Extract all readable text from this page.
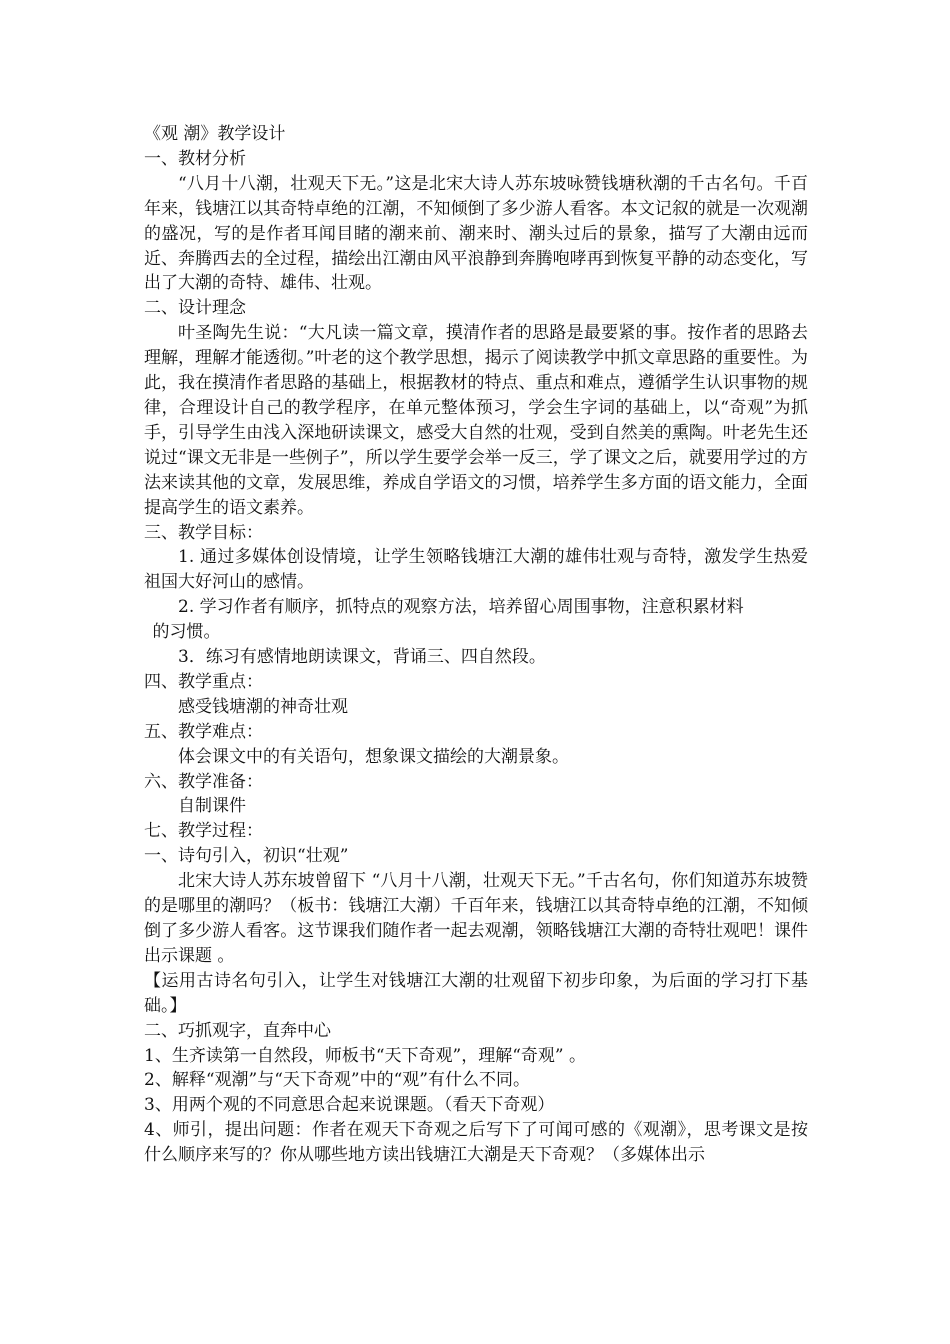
《观 潮》教学设计

一、教材分析

“八月十八潮，壮观天下无。”这是北宋大诗人苏东坡咏赞钱塘秋潮的千古名句。千百年来，钱塘江以其奇特卓绝的江潮，不知倾倒了多少游人看客。本文记叙的就是一次观潮的盛况，写的是作者耳闻目睹的潮来前、潮来时、潮头过后的景象，描写了大潮由远而近、奔腾西去的全过程，描绘出江潮由风平浪静到奔腾咆哮再到恢复平静的动态变化，写出了大潮的奇特、雄伟、壮观。

二、设计理念

叶圣陶先生说：“大凡读一篇文章，摸清作者的思路是最要紧的事。按作者的思路去理解，理解才能透彻。”叶老的这个教学思想，揭示了阅读教学中抓文章思路的重要性。为此，我在摸清作者思路的基础上，根据教材的特点、重点和难点，遵循学生认识事物的规律，合理设计自己的教学程序，在单元整体预习，学会生字词的基础上，以“奇观”为抓手，引导学生由浅入深地研读课文，感受大自然的壮观，受到自然美的熏陶。叶老先生还说过“课文无非是一些例子”，所以学生要学会举一反三，学了课文之后，就要用学过的方法来读其他的文章，发展思维，养成自学语文的习惯，培养学生多方面的语文能力，全面提高学生的语文素养。

三、教学目标：

1. 通过多媒体创设情境，让学生领略钱塘江大潮的雄伟壮观与奇特，激发学生热爱祖国大好河山的感情。

2. 学习作者有顺序，抓特点的观察方法，培养留心周围事物，注意积累材料

的习惯。

3．练习有感情地朗读课文，背诵三、四自然段。

四、教学重点：

感受钱塘潮的神奇壮观

五、教学难点：

体会课文中的有关语句，想象课文描绘的大潮景象。

六、教学准备：

自制课件

七、教学过程：

一、诗句引入，初识“壮观”

北宋大诗人苏东坡曾留下 “八月十八潮，壮观天下无。”千古名句，你们知道苏东坡赞的是哪里的潮吗？（板书：钱塘江大潮）千百年来，钱塘江以其奇特卓绝的江潮，不知倾倒了多少游人看客。这节课我们随作者一起去观潮，领略钱塘江大潮的奇特壮观吧！课件出示课题 。

【运用古诗名句引入，让学生对钱塘江大潮的壮观留下初步印象，为后面的学习打下基础。】

二、巧抓观字，直奔中心

1、生齐读第一自然段，师板书“天下奇观”，理解“奇观” 。

2、解释“观潮”与“天下奇观”中的“观”有什么不同。

3、用两个观的不同意思合起来说课题。（看天下奇观）

4、师引，提出问题：作者在观天下奇观之后写下了可闻可感的《观潮》，思考课文是按什么顺序来写的？你从哪些地方读出钱塘江大潮是天下奇观？（多媒体出示
